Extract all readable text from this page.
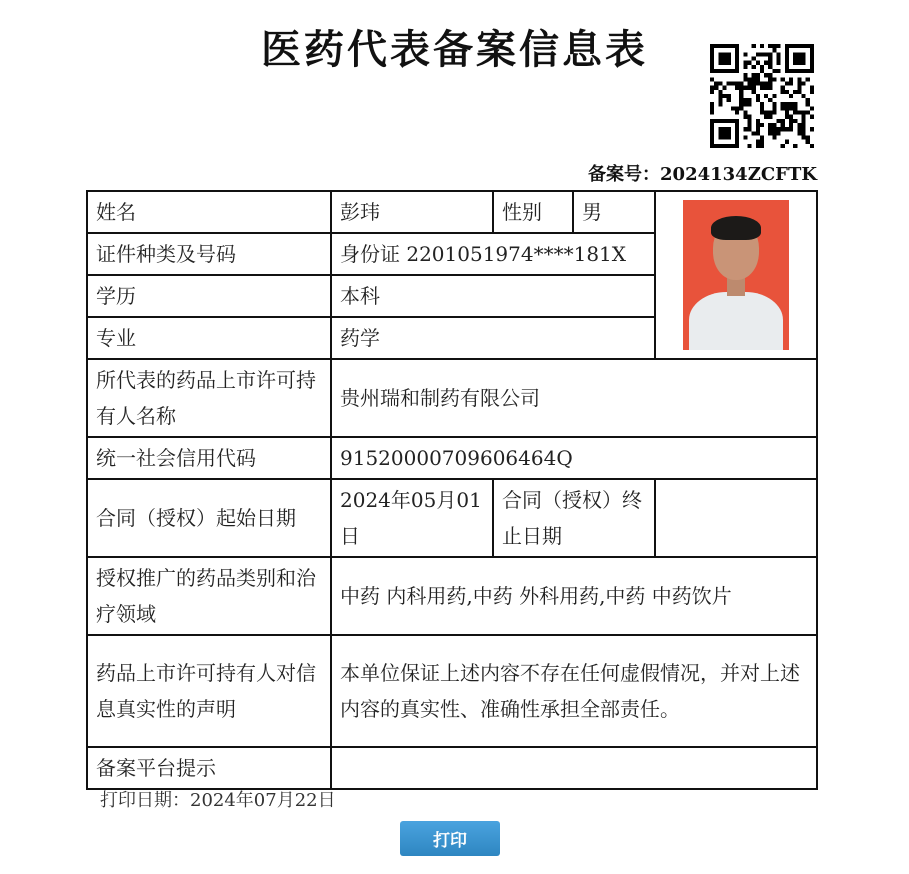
医药代表备案信息表
备案号：2024134ZCFTK
姓名	彭玮	性别	男	

证件种类及号码	身份证 2201051974****181X			
学历	本科			
专业	药学			
所代表的药品上市许可持有人名称	贵州瑞和制药有限公司			
统一社会信用代码	91520000709606464Q			
合同（授权）起始日期	2024年05月01日	合同（授权）终止日期		
授权推广的药品类别和治疗领域	中药 内科用药,中药 外科用药,中药 中药饮片			
药品上市许可持有人对信息真实性的声明	本单位保证上述内容不存在任何虚假情况，并对上述内容的真实性、准确性承担全部责任。			
备案平台提示				
打印日期：2024年07月22日
打印
